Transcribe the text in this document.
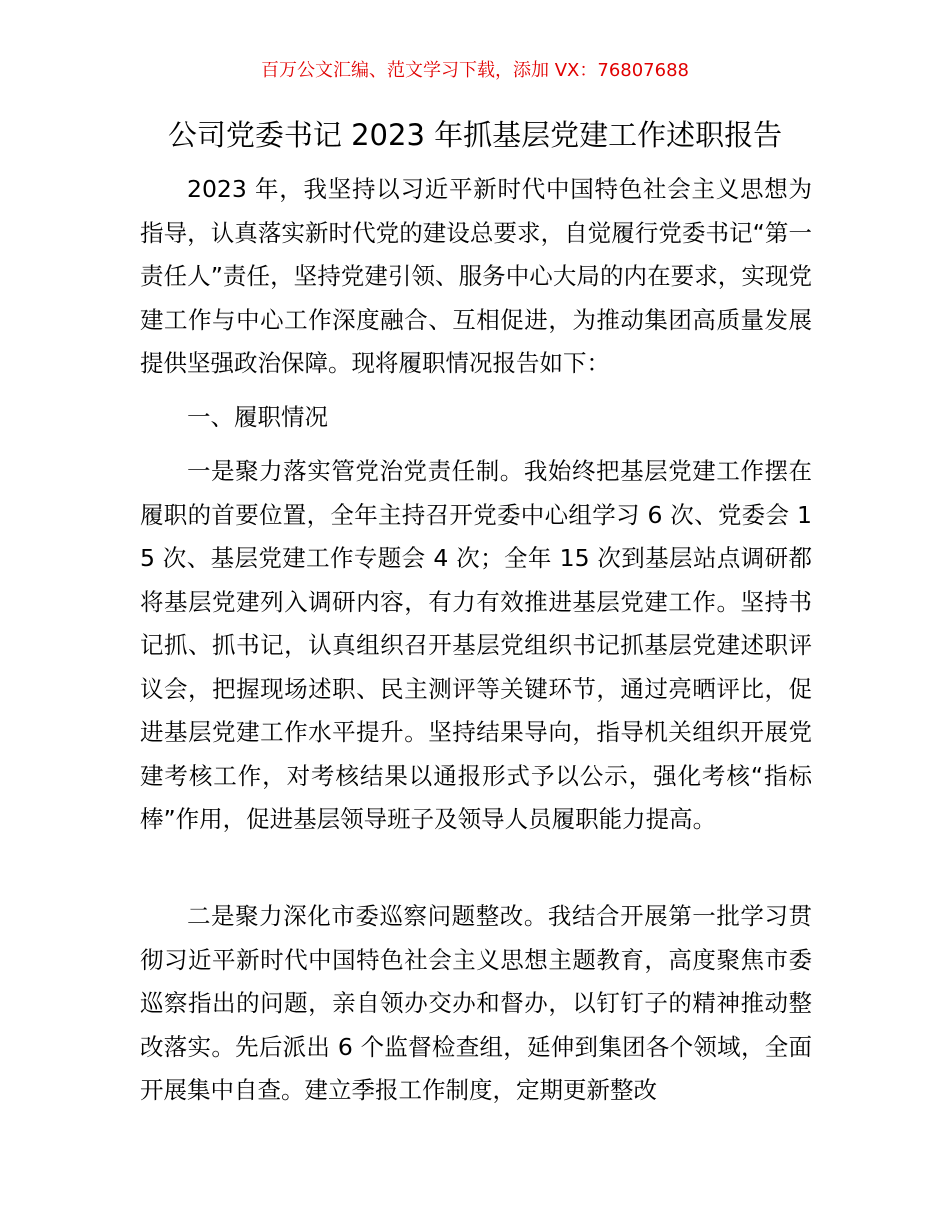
百万公文汇编、范文学习下载，添加 VX：76807688
公司党委书记 2023 年抓基层党建工作述职报告

2023 年，我坚持以习近平新时代中国特色社会主义思想为指导，认真落实新时代党的建设总要求，自觉履行党委书记“第一责任人”责任，坚持党建引领、服务中心大局的内在要求，实现党建工作与中心工作深度融合、互相促进，为推动集团高质量发展提供坚强政治保障。现将履职情况报告如下：

一、履职情况

一是聚力落实管党治党责任制。我始终把基层党建工作摆在履职的首要位置，全年主持召开党委中心组学习 6 次、党委会 15 次、基层党建工作专题会 4 次；全年 15 次到基层站点调研都将基层党建列入调研内容，有力有效推进基层党建工作。坚持书记抓、抓书记，认真组织召开基层党组织书记抓基层党建述职评议会，把握现场述职、民主测评等关键环节，通过亮晒评比，促进基层党建工作水平提升。坚持结果导向，指导机关组织开展党建考核工作，对考核结果以通报形式予以公示，强化考核“指标棒”作用，促进基层领导班子及领导人员履职能力提高。

二是聚力深化市委巡察问题整改。我结合开展第一批学习贯彻习近平新时代中国特色社会主义思想主题教育，高度聚焦市委巡察指出的问题，亲自领办交办和督办，以钉钉子的精神推动整改落实。先后派出 6 个监督检查组，延伸到集团各个领域，全面开展集中自查。建立季报工作制度，定期更新整改
